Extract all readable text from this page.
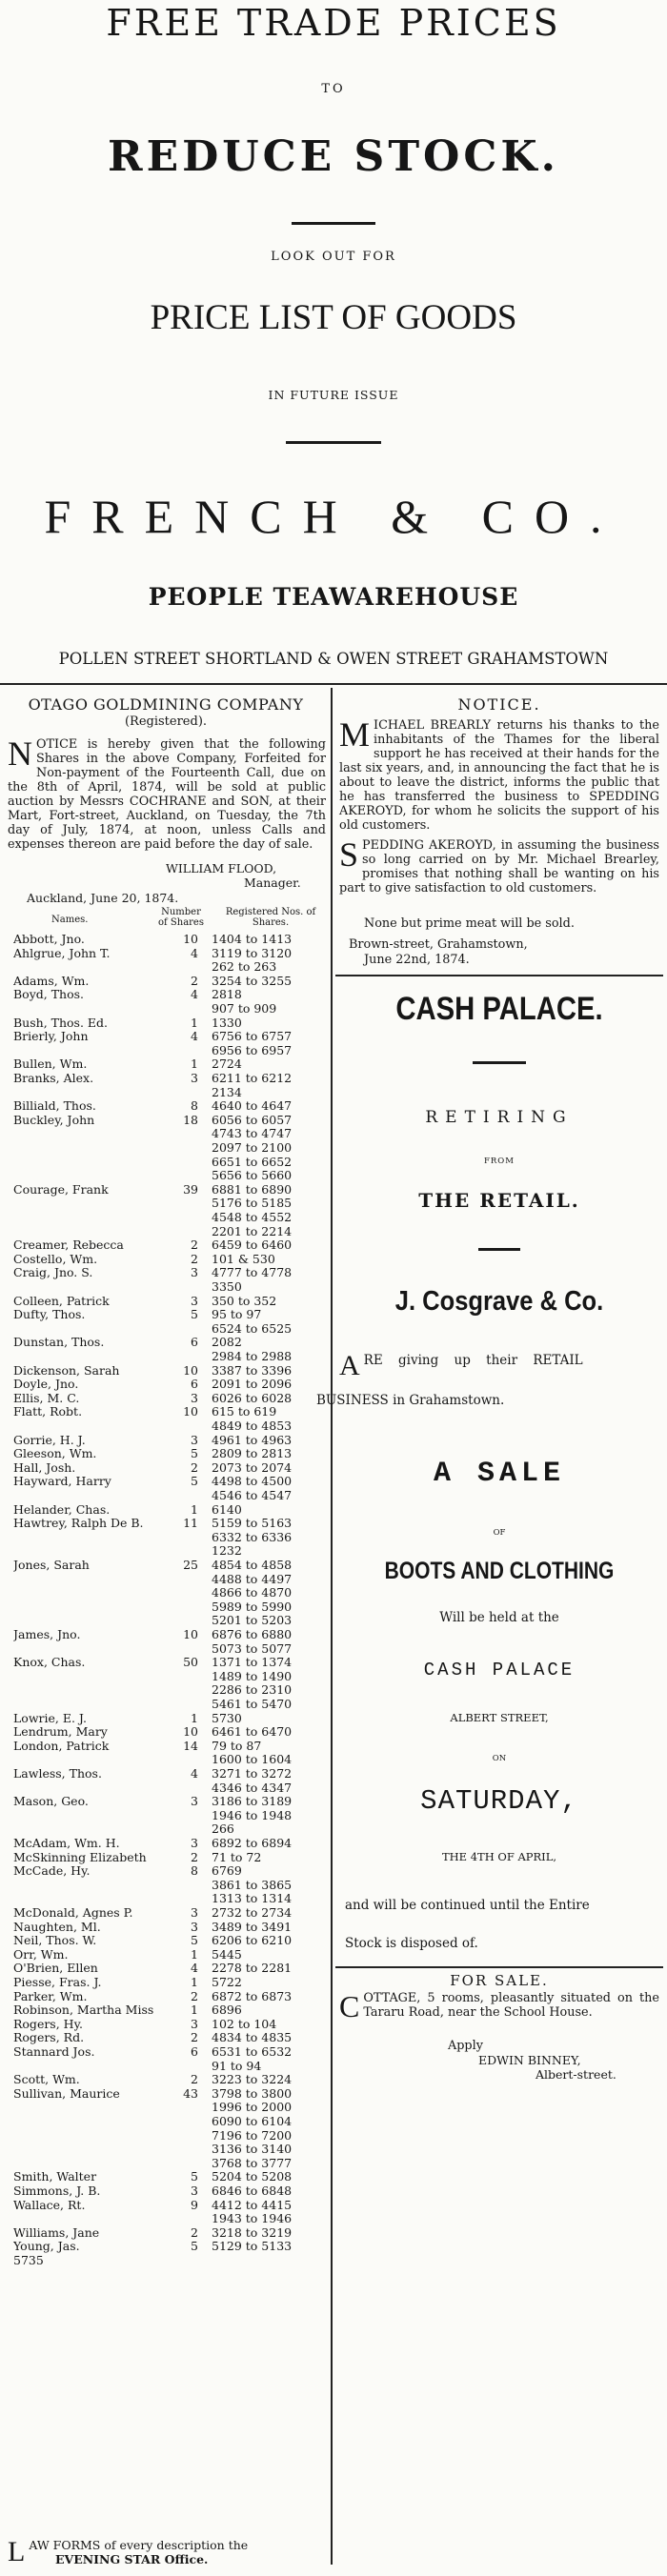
FREE TRADE PRICES
TO
REDUCE STOCK.
LOOK OUT FOR
PRICE LIST OF GOODS
IN FUTURE ISSUE
FRENCH & CO.
PEOPLE TEAWAREHOUSE
POLLEN STREET SHORTLAND & OWEN STREET GRAHAMSTOWN
OTAGO GOLDMINING COMPANY
(Registered).
N OTICE is hereby given that the following Shares in the above Company, Forfeited for Non-payment of the Fourteenth Call, due on the 8th of April, 1874, will be sold at public auction by Messrs COCHRANE and SON, at their Mart, Fort-street, Auckland, on Tuesday, the 7th day of July, 1874, at noon, unless Calls and expenses thereon are paid before the day of sale.

WILLIAM FLOOD,
Manager.
Auckland, June 20, 1874.
Names.
Number of Shares
Registered Nos. of Shares.
Abbott, Jno.	10 1404 to 1413
Ahlgrue, John T.	4 3119 to 3120
262 to 263
Adams, Wm.	2 3254 to 3255
Boyd, Thos.	4 2818
907 to 909
Bush, Thos. Ed.	1 1330
Brierly, John	4 6756 to 6757
6956 to 6957
Bullen, Wm.	1 2724
Branks, Alex.	3 6211 to 6212
2134
Billiald, Thos.	8 4640 to 4647
Buckley, John	18 6056 to 6057
4743 to 4747
2097 to 2100
6651 to 6652
5656 to 5660
Courage, Frank	39 6881 to 6890
5176 to 5185
4548 to 4552
2201 to 2214
Creamer, Rebecca	2 6459 to 6460
Costello, Wm.	2 101 & 530
Craig, Jno. S.	3 4777 to 4778
3350
Colleen, Patrick	3 350 to 352
Dufty, Thos.	5 95 to 97
6524 to 6525
Dunstan, Thos.	6 2082
2984 to 2988
Dickenson, Sarah	10 3387 to 3396
Doyle, Jno.	6 2091 to 2096
Ellis, M. C.	3 6026 to 6028
Flatt, Robt.	10 615 to 619
4849 to 4853
Gorrie, H. J.	3 4961 to 4963
Gleeson, Wm.	5 2809 to 2813
Hall, Josh.	2 2073 to 2074
Hayward, Harry	5 4498 to 4500
4546 to 4547
Helander, Chas.	1 6140
Hawtrey, Ralph De B.	11 5159 to 5163
6332 to 6336
1232
Jones, Sarah	25 4854 to 4858
4488 to 4497
4866 to 4870
5989 to 5990
5201 to 5203
James, Jno.	10 6876 to 6880
5073 to 5077
Knox, Chas.	50 1371 to 1374
1489 to 1490
2286 to 2310
5461 to 5470
Lowrie, E. J.	1 5730
Lendrum, Mary	10 6461 to 6470
London, Patrick	14 79 to 87
1600 to 1604
Lawless, Thos.	4 3271 to 3272
4346 to 4347
Mason, Geo.	3 3186 to 3189
1946 to 1948
266
McAdam, Wm. H.	3 6892 to 6894
McSkinning Elizabeth	2 71 to 72
McCade, Hy.	8 6769
3861 to 3865
1313 to 1314
McDonald, Agnes P.	3 2732 to 2734
Naughten, Ml.	3 3489 to 3491
Neil, Thos. W.	5 6206 to 6210
Orr, Wm.	1 5445
O'Brien, Ellen	4 2278 to 2281
Piesse, Fras. J.	1 5722
Parker, Wm.	2 6872 to 6873
Robinson, Martha Miss	1 6896
Rogers, Hy.	3 102 to 104
Rogers, Rd.	2 4834 to 4835
Stannard Jos.	6 6531 to 6532
91 to 94
Scott, Wm.	2 3223 to 3224
Sullivan, Maurice	43 3798 to 3800
1996 to 2000
6090 to 6104
7196 to 7200
3136 to 3140
3768 to 3777
Smith, Walter	5 5204 to 5208
Simmons, J. B.	3 6846 to 6848
Wallace, Rt.	9 4412 to 4415
1943 to 1946
Williams, Jane	2 3218 to 3219
Young, Jas.	5 5129 to 5133
5735
L AW FORMS of every description the
EVENING STAR Office.
NOTICE.
M ICHAEL BREARLY returns his thanks to the inhabitants of the Thames for the liberal support he has received at their hands for the last six years, and, in announcing the fact that he is about to leave the district, informs the public that he has transferred the business to SPEDDING AKEROYD, for whom he solicits the support of his old customers.

S PEDDING AKEROYD, in assuming the business so long carried on by Mr. Michael Brearley, promises that nothing shall be wanting on his part to give satisfaction to old customers.

None but prime meat will be sold.
Brown-street, Grahamstown,
June 22nd, 1874.
CASH PALACE.
RETIRING
FROM
THE RETAIL.
J. Cosgrave & Co.
A RE giving up their RETAIL
BUSINESS in Grahamstown.
A SALE
OF
BOOTS AND CLOTHING
Will be held at the
CASH PALACE
ALBERT STREET,
ON
SATURDAY,
THE 4TH OF APRIL,
and will be continued until the Entire
Stock is disposed of.
FOR SALE.
C OTTAGE, 5 rooms, pleasantly situated on the Tararu Road, near the School House.

Apply
EDWIN BINNEY,
Albert-street.
